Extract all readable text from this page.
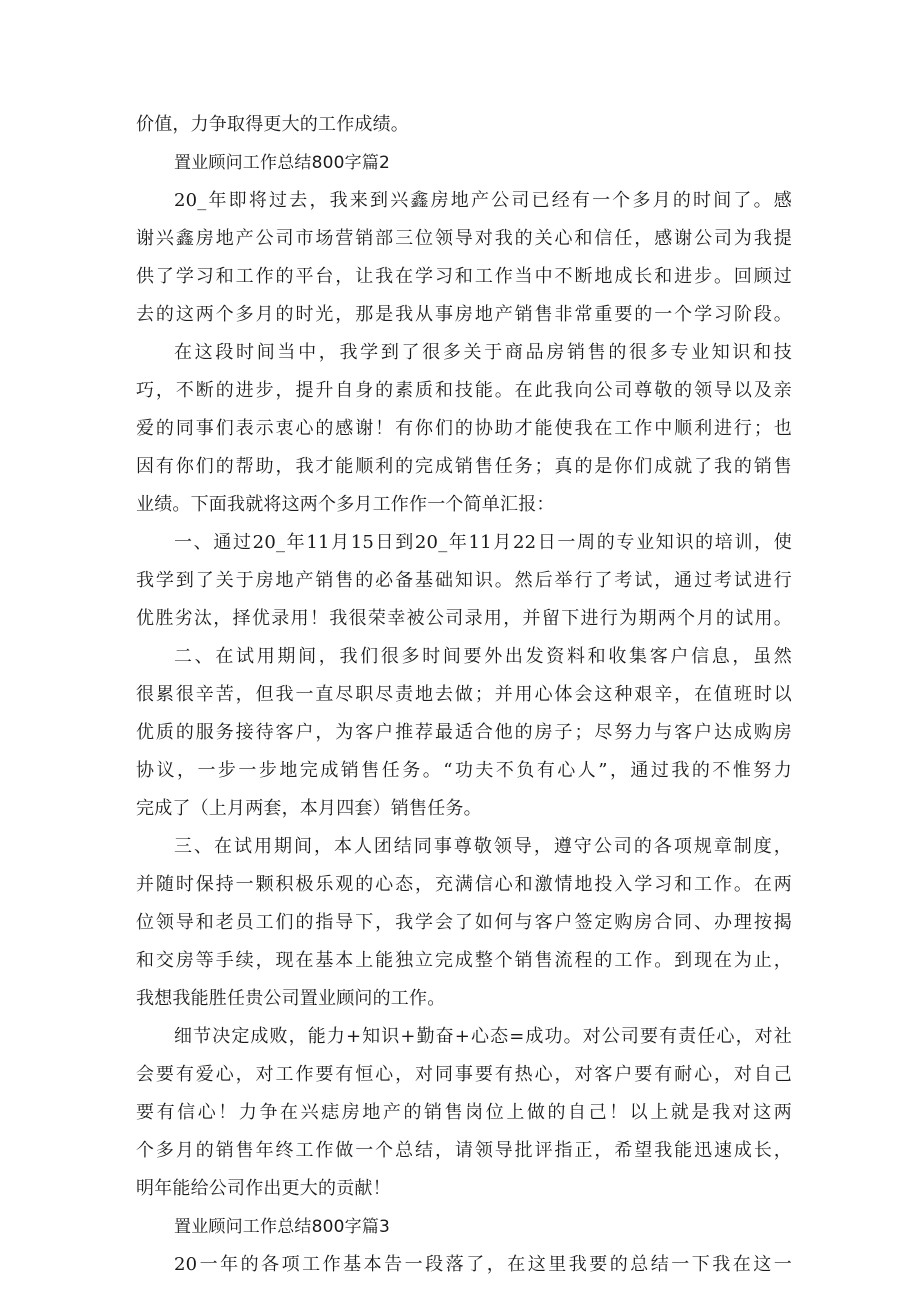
价值，力争取得更大的工作成绩。
置业顾问工作总结800字篇2
20_年即将过去，我来到兴鑫房地产公司已经有一个多月的时间了。感
谢兴鑫房地产公司市场营销部三位领导对我的关心和信任，感谢公司为我提
供了学习和工作的平台，让我在学习和工作当中不断地成长和进步。回顾过
去的这两个多月的时光，那是我从事房地产销售非常重要的一个学习阶段。
在这段时间当中，我学到了很多关于商品房销售的很多专业知识和技
巧，不断的进步，提升自身的素质和技能。在此我向公司尊敬的领导以及亲
爱的同事们表示衷心的感谢！有你们的协助才能使我在工作中顺利进行；也
因有你们的帮助，我才能顺利的完成销售任务；真的是你们成就了我的销售
业绩。下面我就将这两个多月工作作一个简单汇报：
一、通过20_年11月15日到20_年11月22日一周的专业知识的培训，使
我学到了关于房地产销售的必备基础知识。然后举行了考试，通过考试进行
优胜劣汰，择优录用！我很荣幸被公司录用，并留下进行为期两个月的试用。
二、在试用期间，我们很多时间要外出发资料和收集客户信息，虽然
很累很辛苦，但我一直尽职尽责地去做；并用心体会这种艰辛，在值班时以
优质的服务接待客户，为客户推荐最适合他的房子；尽努力与客户达成购房
协议，一步一步地完成销售任务。“功夫不负有心人”，通过我的不惟努力
完成了（上月两套，本月四套）销售任务。
三、在试用期间，本人团结同事尊敬领导，遵守公司的各项规章制度，
并随时保持一颗积极乐观的心态，充满信心和激情地投入学习和工作。在两
位领导和老员工们的指导下，我学会了如何与客户签定购房合同、办理按揭
和交房等手续，现在基本上能独立完成整个销售流程的工作。到现在为止，
我想我能胜任贵公司置业顾问的工作。
细节决定成败，能力+知识+勤奋+心态=成功。对公司要有责任心，对社
会要有爱心，对工作要有恒心，对同事要有热心，对客户要有耐心，对自己
要有信心！力争在兴痣房地产的销售岗位上做的自己！以上就是我对这两
个多月的销售年终工作做一个总结，请领导批评指正，希望我能迅速成长，
明年能给公司作出更大的贡献！
置业顾问工作总结800字篇3
20一年的各项工作基本告一段落了，在这里我要的总结一下我在这一
